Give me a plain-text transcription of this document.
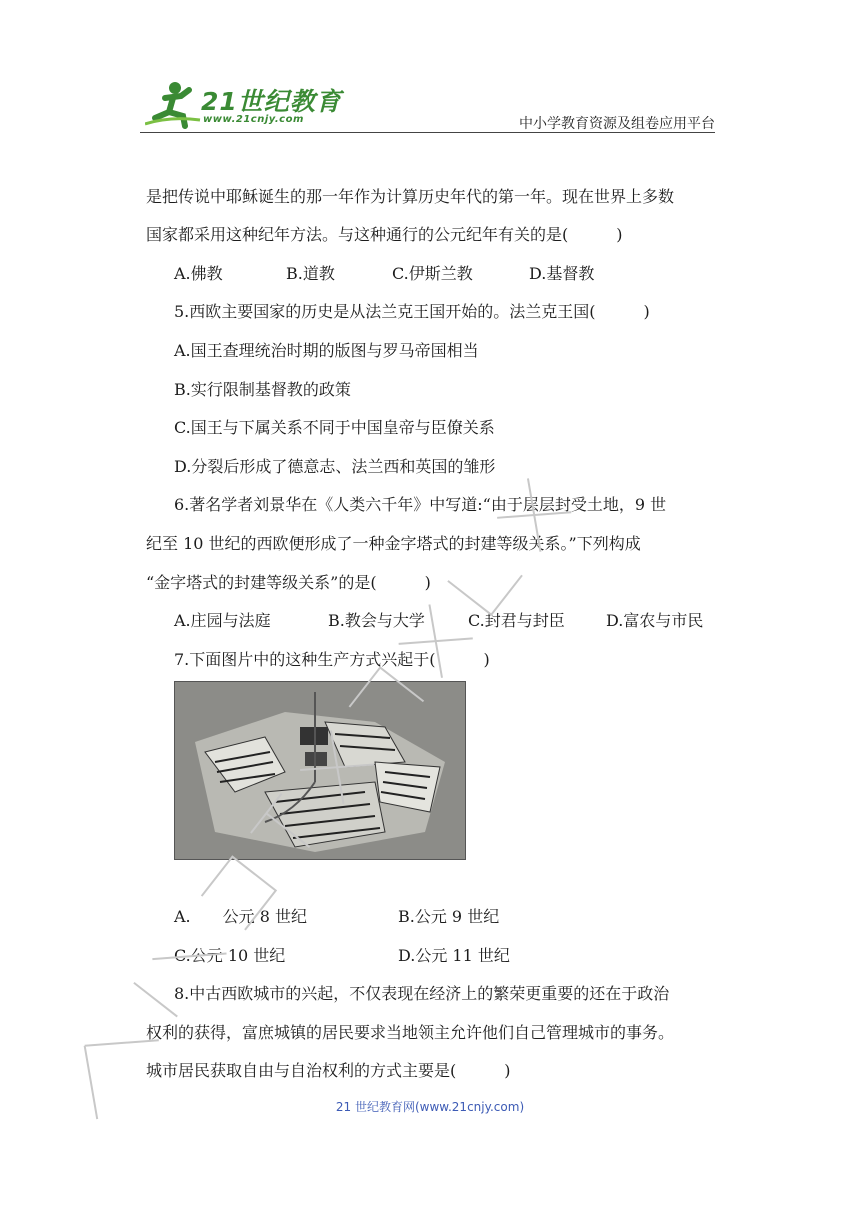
21世纪教育
www.21cnjy.com	中小学教育资源及组卷应用平台
是把传说中耶稣诞生的那一年作为计算历史年代的第一年。现在世界上多数
国家都采用这种纪年方法。与这种通行的公元纪年有关的是(　　　)
A.佛教	B.道教	C.伊斯兰教	D.基督教
5.西欧主要国家的历史是从法兰克王国开始的。法兰克王国(　　　)
A.国王查理统治时期的版图与罗马帝国相当
B.实行限制基督教的政策
C.国王与下属关系不同于中国皇帝与臣僚关系
D.分裂后形成了德意志、法兰西和英国的雏形
6.著名学者刘景华在《人类六千年》中写道:“由于层层封受土地，9 世
纪至 10 世纪的西欧便形成了一种金字塔式的封建等级关系。”下列构成
“金字塔式的封建等级关系”的是(　　　)
A.庄园与法庭	B.教会与大学	C.封君与封臣	D.富农与市民
7.下面图片中的这种生产方式兴起于(　　　)
A.　　公元 8 世纪	B.公元 9 世纪
C.公元 10 世纪	D.公元 11 世纪
8.中古西欧城市的兴起，不仅表现在经济上的繁荣更重要的还在于政治
权利的获得，富庶城镇的居民要求当地领主允许他们自己管理城市的事务。
城市居民获取自由与自治权利的方式主要是(　　　)
21 世纪教育网(www.21cnjy.com)
